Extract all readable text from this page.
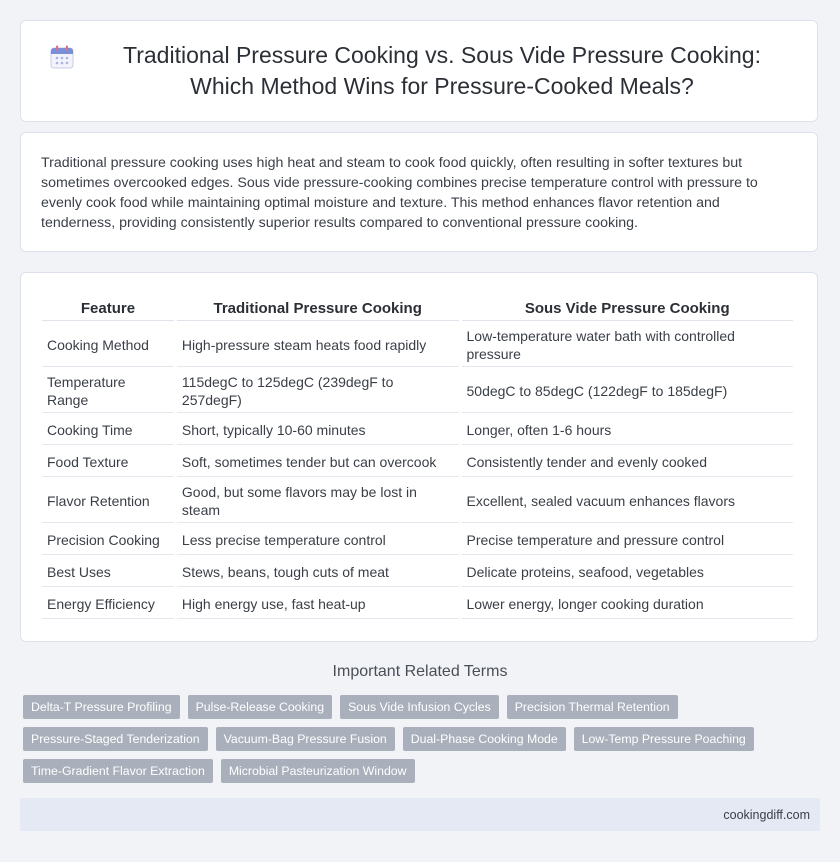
Traditional Pressure Cooking vs. Sous Vide Pressure Cooking: Which Method Wins for Pressure-Cooked Meals?

Traditional pressure cooking uses high heat and steam to cook food quickly, often resulting in softer textures but sometimes overcooked edges. Sous vide pressure-cooking combines precise temperature control with pressure to evenly cook food while maintaining optimal moisture and texture. This method enhances flavor retention and tenderness, providing consistently superior results compared to conventional pressure cooking.

Feature	Traditional Pressure Cooking	Sous Vide Pressure Cooking
Cooking Method	High-pressure steam heats food rapidly	Low-temperature water bath with controlled pressure
Temperature Range	115degC to 125degC (239degF to 257degF)	50degC to 85degC (122degF to 185degF)
Cooking Time	Short, typically 10-60 minutes	Longer, often 1-6 hours
Food Texture	Soft, sometimes tender but can overcook	Consistently tender and evenly cooked
Flavor Retention	Good, but some flavors may be lost in steam	Excellent, sealed vacuum enhances flavors
Precision Cooking	Less precise temperature control	Precise temperature and pressure control
Best Uses	Stews, beans, tough cuts of meat	Delicate proteins, seafood, vegetables
Energy Efficiency	High energy use, fast heat-up	Lower energy, longer cooking duration
Important Related Terms
Delta-T Pressure Profiling	Pulse-Release Cooking	Sous Vide Infusion Cycles	Precision Thermal Retention
Pressure-Staged Tenderization	Vacuum-Bag Pressure Fusion	Dual-Phase Cooking Mode	Low-Temp Pressure Poaching
Time-Gradient Flavor Extraction	Microbial Pasteurization Window
cookingdiff.com
